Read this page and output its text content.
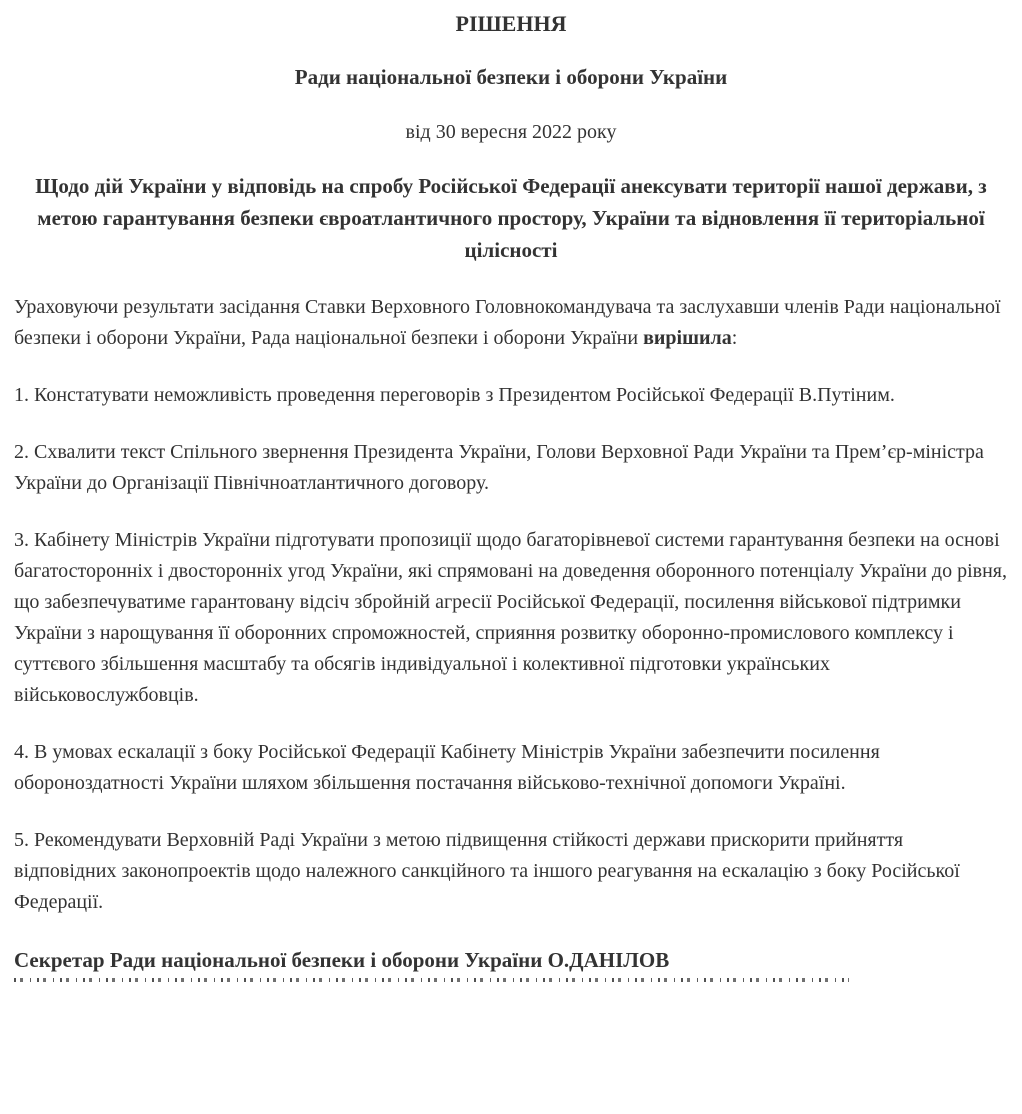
РІШЕННЯ
Ради національної безпеки і оборони України

від 30 вересня 2022 року

Щодо дій України у відповідь на спробу Російської Федерації анексувати території нашої держави, з метою гарантування безпеки євроатлантичного простору, України та відновлення її територіальної цілісності

Ураховуючи результати засідання Ставки Верховного Головнокомандувача та заслухавши членів Ради національної безпеки і оборони України, Рада національної безпеки і оборони України вирішила:

1. Констатувати неможливість проведення переговорів з Президентом Російської Федерації В.Путіним.

2. Схвалити текст Спільного звернення Президента України, Голови Верховної Ради України та Прем’єр-міністра України до Організації Північноатлантичного договору.

3. Кабінету Міністрів України підготувати пропозиції щодо багаторівневої системи гарантування безпеки на основі багатосторонніх і двосторонніх угод України, які спрямовані на доведення оборонного потенціалу України до рівня, що забезпечуватиме гарантовану відсіч збройній агресії Російської Федерації, посилення військової підтримки України з нарощування її оборонних спроможностей, сприяння розвитку оборонно-промислового комплексу і суттєвого збільшення масштабу та обсягів індивідуальної і колективної підготовки українських військовослужбовців.

4. В умовах ескалації з боку Російської Федерації Кабінету Міністрів України забезпечити посилення обороноздатності України шляхом збільшення постачання військово-технічної допомоги Україні.

5. Рекомендувати Верховній Раді України з метою підвищення стійкості держави прискорити прийняття відповідних законопроектів щодо належного санкційного та іншого реагування на ескалацію з боку Російської Федерації.

Секретар Ради національної безпеки і оборони України О.ДАНІЛОВ
